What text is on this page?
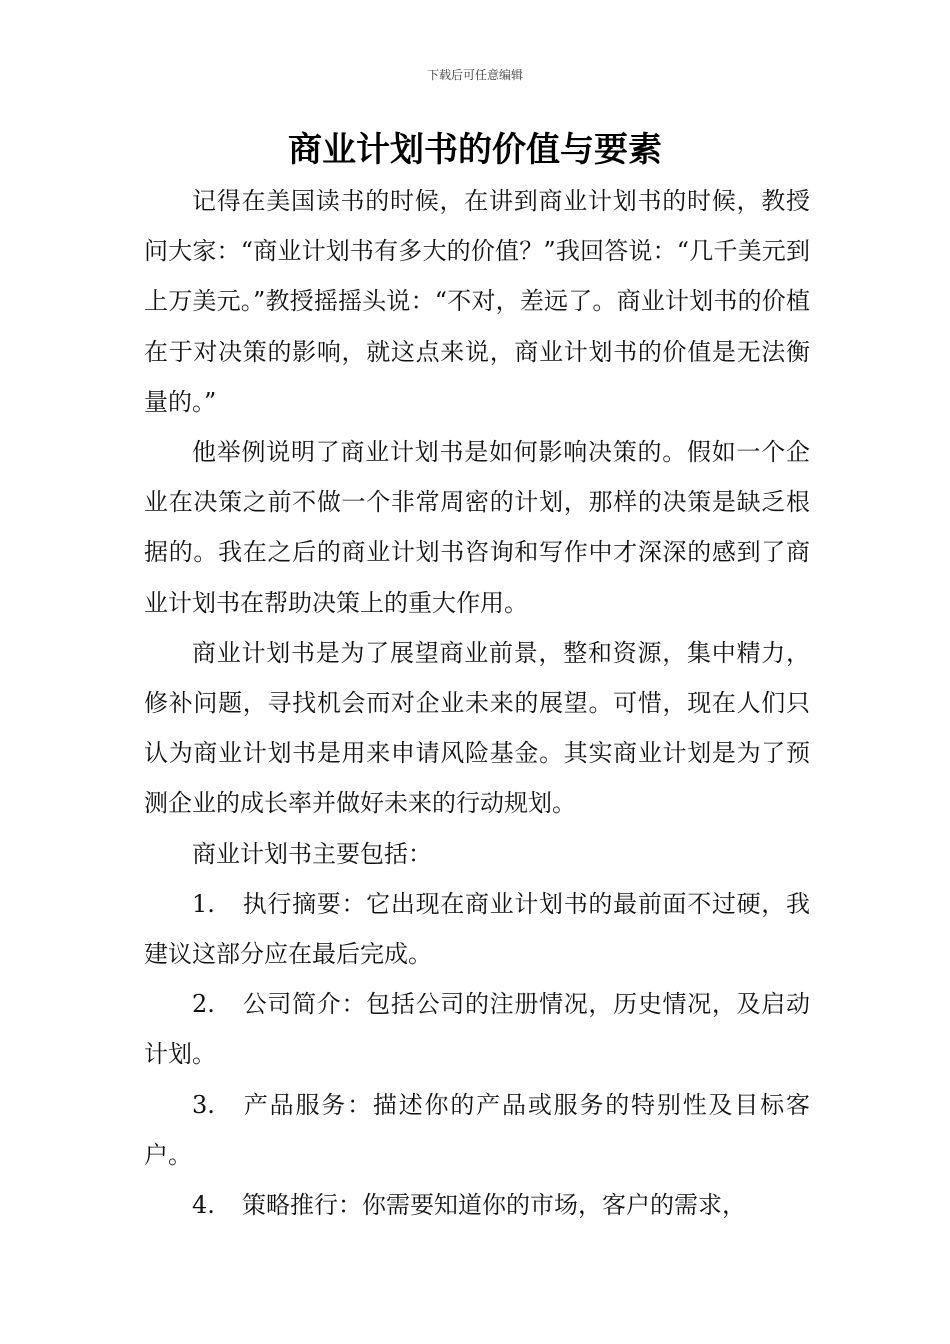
下载后可任意编辑
商业计划书的价值与要素

记得在美国读书的时候，在讲到商业计划书的时候，教授问大家：“商业计划书有多大的价值？”我回答说：“几千美元到上万美元。”教授摇摇头说：“不对，差远了。商业计划书的价植在于对决策的影响，就这点来说，商业计划书的价值是无法衡量的。”

他举例说明了商业计划书是如何影响决策的。假如一个企业在决策之前不做一个非常周密的计划，那样的决策是缺乏根据的。我在之后的商业计划书咨询和写作中才深深的感到了商业计划书在帮助决策上的重大作用。

商业计划书是为了展望商业前景，整和资源，集中精力，修补问题，寻找机会而对企业未来的展望。可惜，现在人们只认为商业计划书是用来申请风险基金。其实商业计划是为了预测企业的成长率并做好未来的行动规划。

商业计划书主要包括：

1. 执行摘要：它出现在商业计划书的最前面不过硬，我建议这部分应在最后完成。

2. 公司简介：包括公司的注册情况，历史情况，及启动计划。

3. 产品服务：描述你的产品或服务的特别性及目标客户。

4. 策略推行：你需要知道你的市场，客户的需求，
